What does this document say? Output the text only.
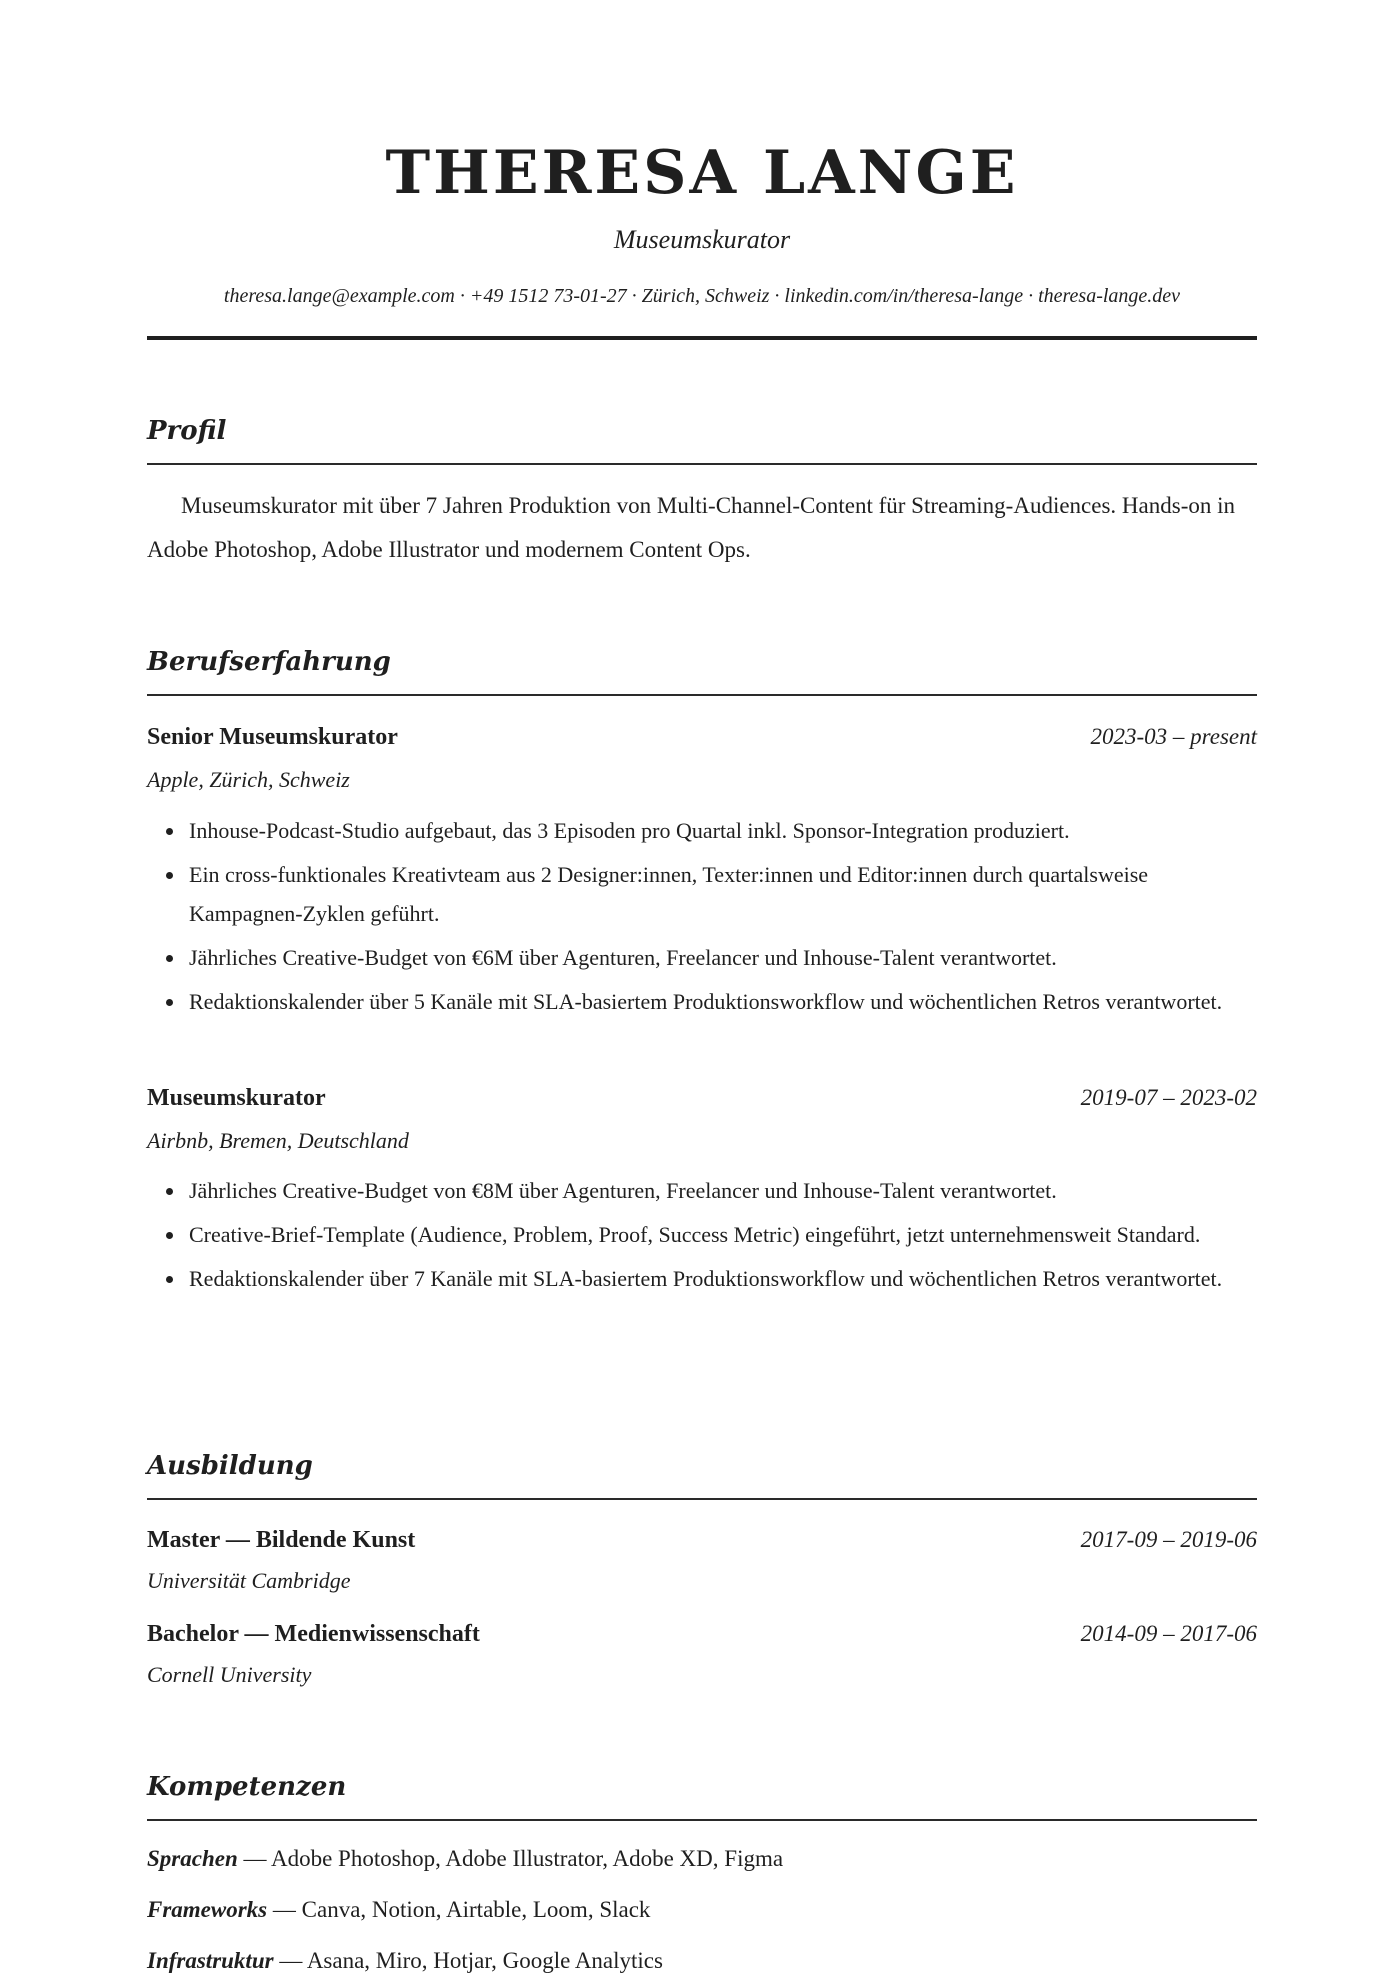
THERESA LANGE
Museumskurator
theresa.lange@example.com · +49 1512 73-01-27 · Zürich, Schweiz · linkedin.com/in/theresa-lange · theresa-lange.dev
Profil
Museumskurator mit über 7 Jahren Produktion von Multi-Channel-Content für Streaming-Audiences. Hands-on in Adobe Photoshop, Adobe Illustrator und modernem Content Ops.
Berufserfahrung
Senior Museumskurator	2023-03 – present
Apple, Zürich, Schweiz
Inhouse-Podcast-Studio aufgebaut, das 3 Episoden pro Quartal inkl. Sponsor-Integration produziert.
Ein cross-funktionales Kreativteam aus 2 Designer:innen, Texter:innen und Editor:innen durch quartalsweise Kampagnen-Zyklen geführt.
Jährliches Creative-Budget von €6M über Agenturen, Freelancer und Inhouse-Talent verantwortet.
Redaktionskalender über 5 Kanäle mit SLA-basiertem Produktionsworkflow und wöchentlichen Retros verantwortet.
Museumskurator	2019-07 – 2023-02
Airbnb, Bremen, Deutschland
Jährliches Creative-Budget von €8M über Agenturen, Freelancer und Inhouse-Talent verantwortet.
Creative-Brief-Template (Audience, Problem, Proof, Success Metric) eingeführt, jetzt unternehmensweit Standard.
Redaktionskalender über 7 Kanäle mit SLA-basiertem Produktionsworkflow und wöchentlichen Retros verantwortet.
Ausbildung
Master — Bildende Kunst	2017-09 – 2019-06
Universität Cambridge
Bachelor — Medienwissenschaft	2014-09 – 2017-06
Cornell University
Kompetenzen
Sprachen — Adobe Photoshop, Adobe Illustrator, Adobe XD, Figma
Frameworks — Canva, Notion, Airtable, Loom, Slack
Infrastruktur — Asana, Miro, Hotjar, Google Analytics
